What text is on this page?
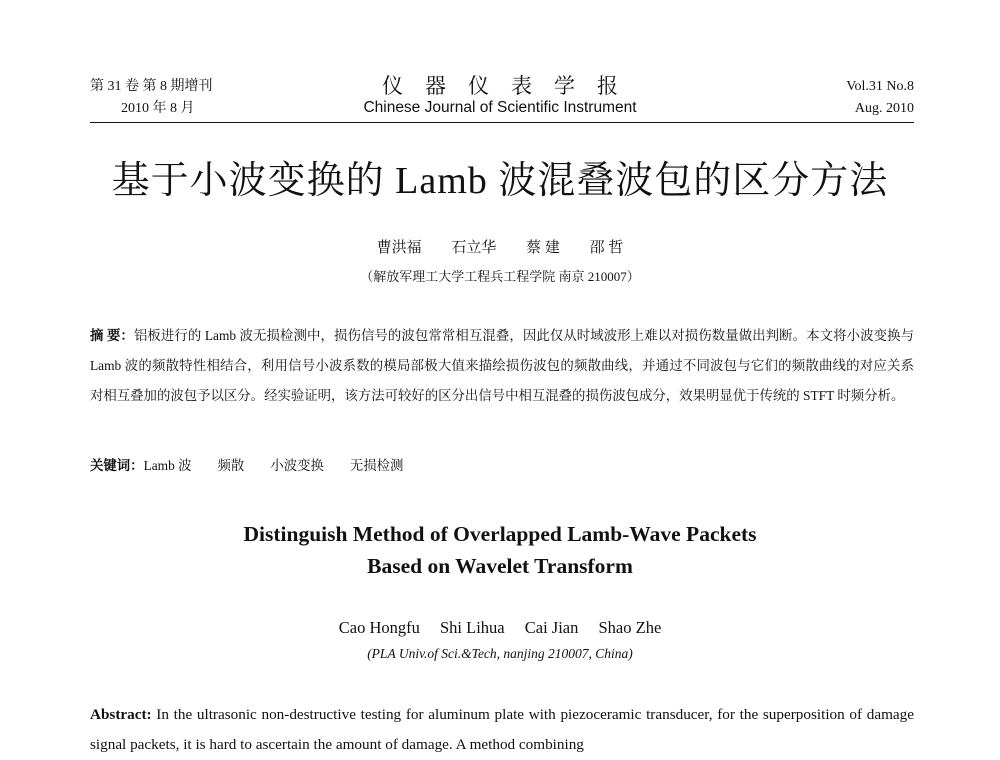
第 31 卷 第 8 期增刊
2010 年 8 月
仪器仪表学报
Chinese Journal of Scientific Instrument
Vol.31 No.8
Aug. 2010
基于小波变换的 Lamb 波混叠波包的区分方法
曹洪福 石立华 蔡 建 邵 哲
（解放军理工大学工程兵工程学院 南京 210007）
摘 要：铝板进行的 Lamb 波无损检测中，损伤信号的波包常常相互混叠，因此仅从时域波形上难以对损伤数量做出判断。本文将小波变换与 Lamb 波的频散特性相结合，利用信号小波系数的模局部极大值来描绘损伤波包的频散曲线，并通过不同波包与它们的频散曲线的对应关系对相互叠加的波包予以区分。经实验证明，该方法可较好的区分出信号中相互混叠的损伤波包成分，效果明显优于传统的 STFT 时频分析。
关键词：Lamb 波 频散 小波变换 无损检测
Distinguish Method of Overlapped Lamb-Wave Packets
Based on Wavelet Transform
Cao Hongfu Shi Lihua Cai Jian Shao Zhe
(PLA Univ.of Sci.&Tech, nanjing 210007, China)
Abstract: In the ultrasonic non-destructive testing for aluminum plate with piezoceramic transducer, for the superposition of damage signal packets, it is hard to ascertain the amount of damage. A method combining
